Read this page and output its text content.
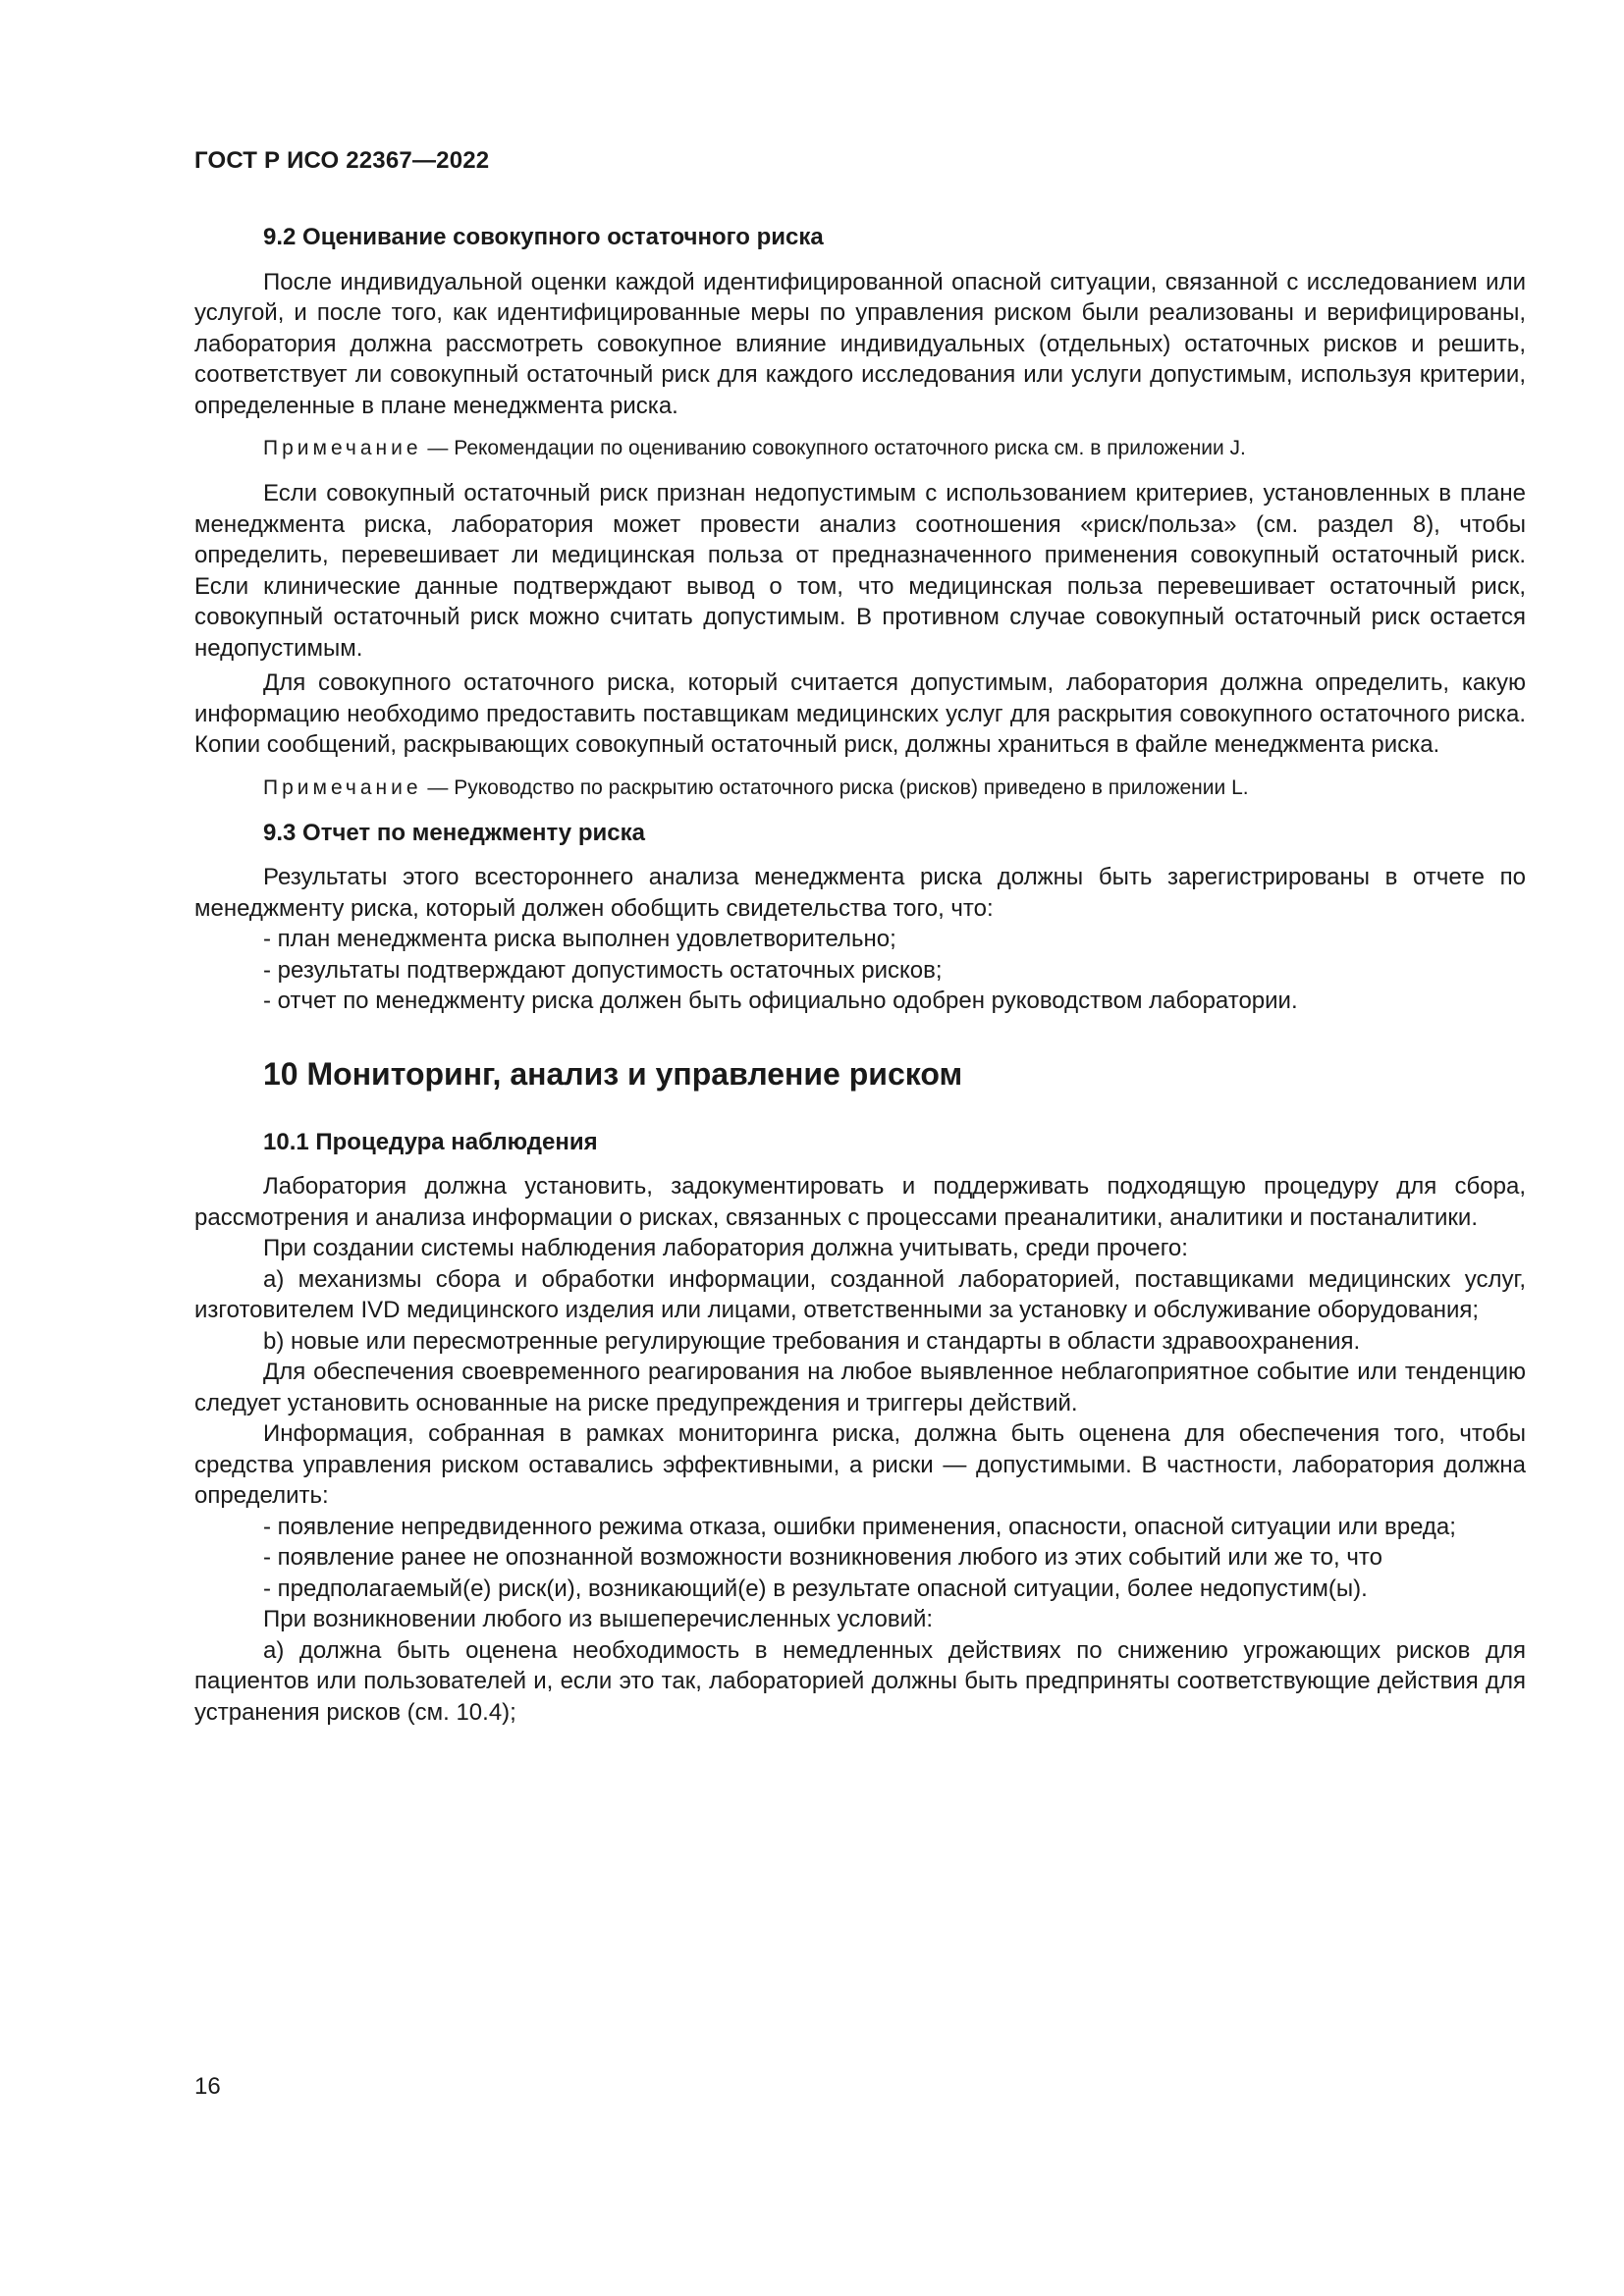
ГОСТ Р ИСО 22367—2022
9.2 Оценивание совокупного остаточного риска

После индивидуальной оценки каждой идентифицированной опасной ситуации, связанной с исследованием или услугой, и после того, как идентифицированные меры по управления риском были реализованы и верифицированы, лаборатория должна рассмотреть совокупное влияние индивидуальных (отдельных) остаточных рисков и решить, соответствует ли совокупный остаточный риск для каждого исследования или услуги допустимым, используя критерии, определенные в плане менеджмента риска.

Примечание — Рекомендации по оцениванию совокупного остаточного риска см. в приложении J.

Если совокупный остаточный риск признан недопустимым с использованием критериев, установленных в плане менеджмента риска, лаборатория может провести анализ соотношения «риск/польза» (см. раздел 8), чтобы определить, перевешивает ли медицинская польза от предназначенного применения совокупный остаточный риск. Если клинические данные подтверждают вывод о том, что медицинская польза перевешивает остаточный риск, совокупный остаточный риск можно считать допустимым. В противном случае совокупный остаточный риск остается недопустимым.

Для совокупного остаточного риска, который считается допустимым, лаборатория должна определить, какую информацию необходимо предоставить поставщикам медицинских услуг для раскрытия совокупного остаточного риска. Копии сообщений, раскрывающих совокупный остаточный риск, должны храниться в файле менеджмента риска.

Примечание — Руководство по раскрытию остаточного риска (рисков) приведено в приложении L.

9.3 Отчет по менеджменту риска

Результаты этого всестороннего анализа менеджмента риска должны быть зарегистрированы в отчете по менеджменту риска, который должен обобщить свидетельства того, что:

- план менеджмента риска выполнен удовлетворительно;

- результаты подтверждают допустимость остаточных рисков;

- отчет по менеджменту риска должен быть официально одобрен руководством лаборатории.

10 Мониторинг, анализ и управление риском
10.1 Процедура наблюдения

Лаборатория должна установить, задокументировать и поддерживать подходящую процедуру для сбора, рассмотрения и анализа информации о рисках, связанных с процессами преаналитики, аналитики и постаналитики.

При создании системы наблюдения лаборатория должна учитывать, среди прочего:

a) механизмы сбора и обработки информации, созданной лабораторией, поставщиками медицинских услуг, изготовителем IVD медицинского изделия или лицами, ответственными за установку и обслуживание оборудования;

b) новые или пересмотренные регулирующие требования и стандарты в области здравоохранения.

Для обеспечения своевременного реагирования на любое выявленное неблагоприятное событие или тенденцию следует установить основанные на риске предупреждения и триггеры действий.

Информация, собранная в рамках мониторинга риска, должна быть оценена для обеспечения того, чтобы средства управления риском оставались эффективными, а риски — допустимыми. В частности, лаборатория должна определить:

- появление непредвиденного режима отказа, ошибки применения, опасности, опасной ситуации или вреда;

- появление ранее не опознанной возможности возникновения любого из этих событий или же то, что

- предполагаемый(е) риск(и), возникающий(е) в результате опасной ситуации, более недопустим(ы).

При возникновении любого из вышеперечисленных условий:

a) должна быть оценена необходимость в немедленных действиях по снижению угрожающих рисков для пациентов или пользователей и, если это так, лабораторией должны быть предприняты соответствующие действия для устранения рисков (см. 10.4);

16
